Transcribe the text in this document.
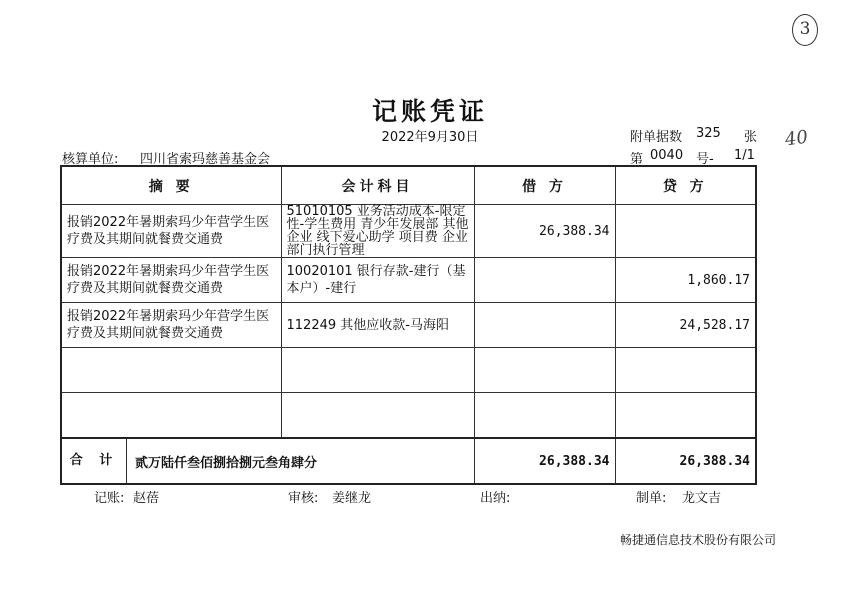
3
40
记账凭证
2022年9月30日	附单据数 325 张
核算单位: 四川省索玛慈善基金会	第 0040 号- 1/1
摘 要	会计科目	借 方	贷 方
报销2022年暑期索玛少年营学生医疗费及其期间就餐费交通费	51010105 业务活动成本-限定性-学生费用 青少年发展部 其他企业 线下爱心助学 项目费 企业 部门执行管理	26,388.34	
报销2022年暑期索玛少年营学生医疗费及其期间就餐费交通费	10020101 银行存款-建行（基本户）-建行		1,860.17
报销2022年暑期索玛少年营学生医疗费及其期间就餐费交通费	112249 其他应收款-马海阳		24,528.17

合 计 贰万陆仟叁佰捌拾捌元叁角肆分		26,388.34	26,388.34
记账: 赵蓓	审核: 姜继龙	出纳:	制单: 龙文吉
畅捷通信息技术股份有限公司
